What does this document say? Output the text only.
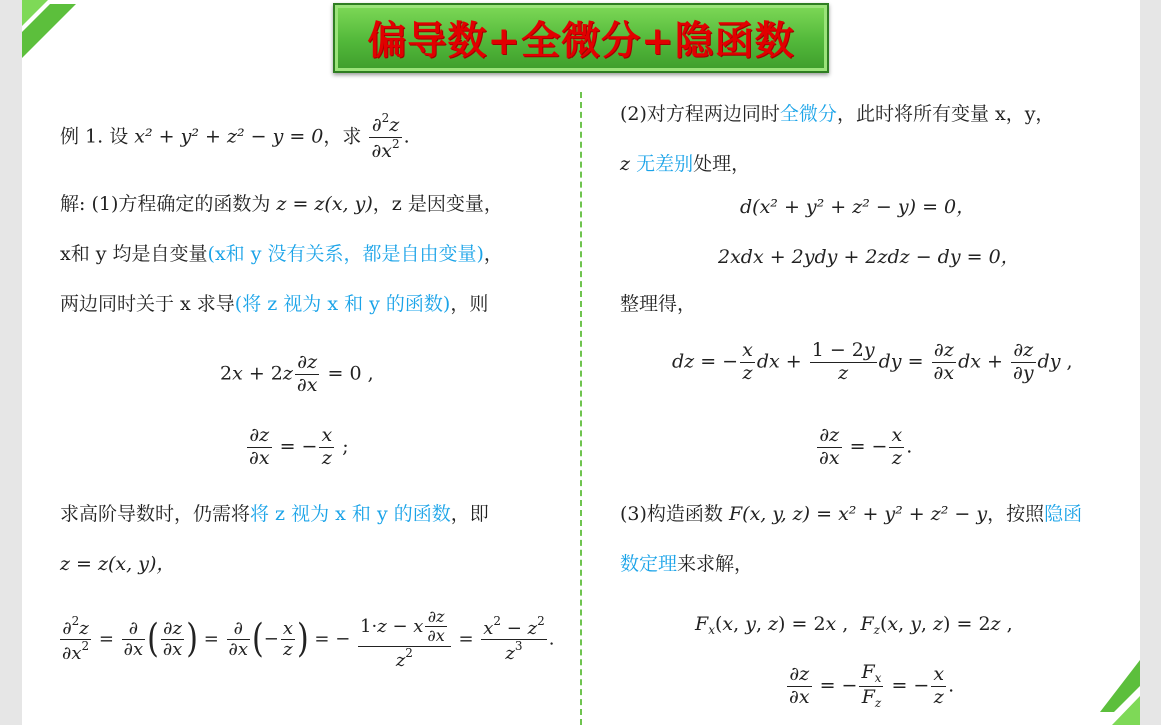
偏导数+全微分+隐函数
例 1. 设 x² + y² + z² − y = 0，求 $\frac{\partial^2z}{\partial x^2}$ .
解: (1)方程确定的函数为 z = z(x, y)，z 是因变量，
x和 y 均是自变量(x和 y 没有关系，都是自由变量)，
两边同时关于 x 求导(将 z 视为 x 和 y 的函数)，则
$2x + 2z \frac{\partial z}{\partial x} = 0$ ,
$\frac{\partial z}{\partial x}$ = − $\frac{x}{z}$ ;
求高阶导数时，仍需将将 z 视为 x 和 y 的函数，即
z = z(x, y)，
$\frac{\partial^2z}{\partial x^2} = \frac{\partial}{\partial x}$ ( $\frac{\partial z}{\partial x}$ ) = $\frac{\partial}{\partial x}$ (− $\frac{x}{z}$ ) = − $\frac{1\cdot z - x \frac{\partial z}{\partial x}}{z^2} = \frac{x^2 - z^2}{z^3}$ .
(2)对方程两边同时全微分，此时将所有变量 x，y，
z 无差别处理，
d(x² + y² + z² − y) = 0，
2xdx + 2ydy + 2zdz − dy = 0，
整理得，
dz = − $\frac{x}{z}$ dx + $\frac{1 - 2y}{z}$ dy = $\frac{\partial z}{\partial x}$ dx + $\frac{\partial z}{\partial y}$ dy ,
$\frac{\partial z}{\partial x}$ = − $\frac{x}{z}$ .
(3)构造函数 F(x, y, z) = x² + y² + z² − y，按照隐函
数定理来求解，
$F_x(x$, y, z) = 2x ,  $F_z(x$, y, z) = 2z ,
$\frac{\partial z}{\partial x}$ = − $\frac{F_x}{F_z}$ = − $\frac{x}{z}$ .
